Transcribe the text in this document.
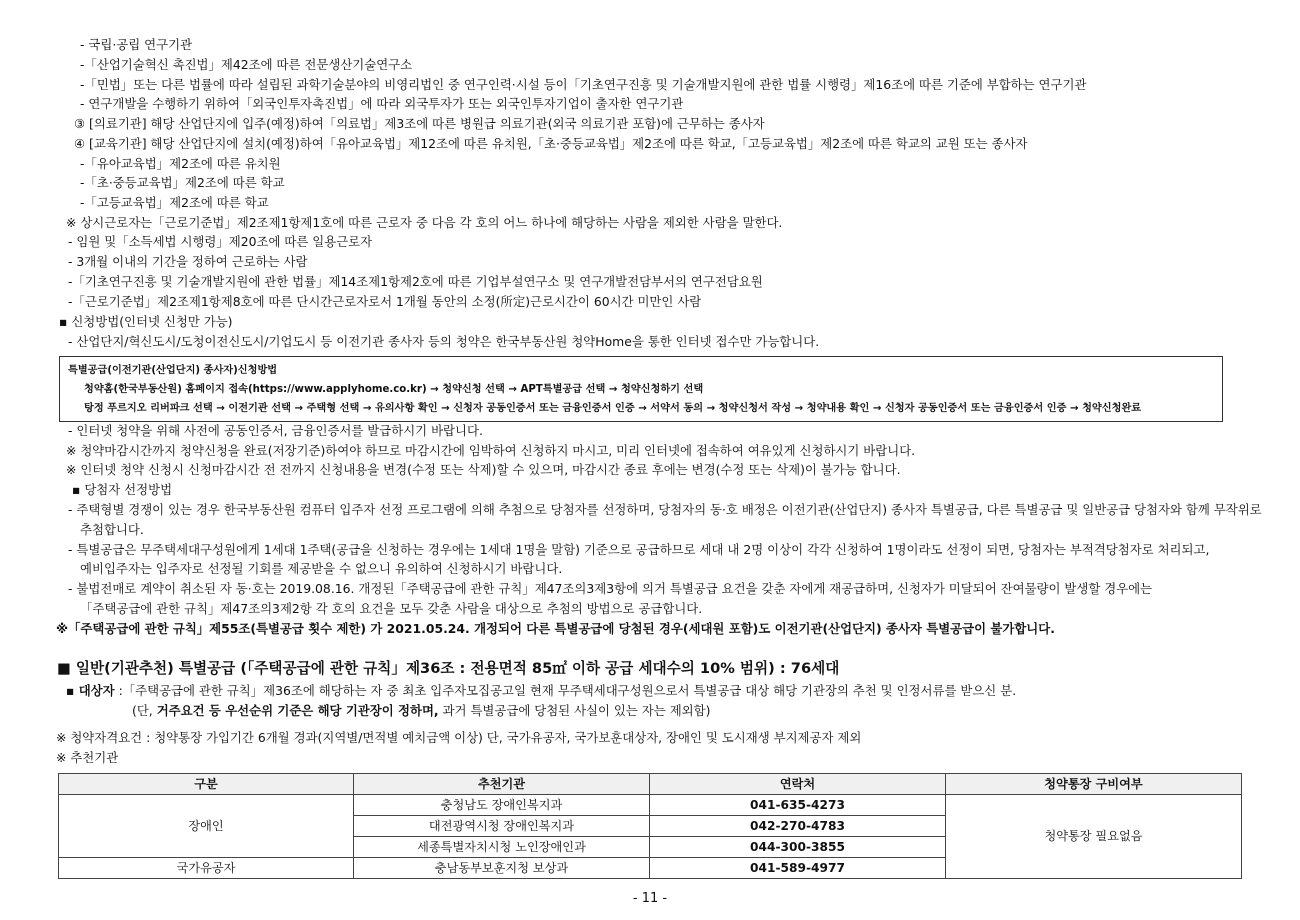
- 국립·공립 연구기관
-「산업기술혁신 촉진법」제42조에 따른 전문생산기술연구소
-「민법」또는 다른 법률에 따라 설립된 과학기술분야의 비영리법인 중 연구인력·시설 등이「기초연구진흥 및 기술개발지원에 관한 법률 시행령」제16조에 따른 기준에 부합하는 연구기관
- 연구개발을 수행하기 위하여「외국인투자촉진법」에 따라 외국투자가 또는 외국인투자기업이 출자한 연구기관
③ [의료기관] 해당 산업단지에 입주(예정)하여「의료법」제3조에 따른 병원급 의료기관(외국 의료기관 포함)에 근무하는 종사자
④ [교육기관] 해당 산업단지에 설치(예정)하여「유아교육법」제12조에 따른 유치원,「초·중등교육법」제2조에 따른 학교,「고등교육법」제2조에 따른 학교의 교원 또는 종사자
-「유아교육법」제2조에 따른 유치원
-「초·중등교육법」제2조에 따른 학교
-「고등교육법」제2조에 따른 학교
※ 상시근로자는「근로기준법」제2조제1항제1호에 따른 근로자 중 다음 각 호의 어느 하나에 해당하는 사람을 제외한 사람을 말한다.
- 임원 및「소득세법 시행령」제20조에 따른 일용근로자
- 3개월 이내의 기간을 정하여 근로하는 사람
-「기초연구진흥 및 기술개발지원에 관한 법률」제14조제1항제2호에 따른 기업부설연구소 및 연구개발전담부서의 연구전담요원
-「근로기준법」제2조제1항제8호에 따른 단시간근로자로서 1개월 동안의 소정(所定)근로시간이 60시간 미만인 사람
▪ 신청방법(인터넷 신청만 가능)
- 산업단지/혁신도시/도청이전신도시/기업도시 등 이전기관 종사자 등의 청약은 한국부동산원 청약Home을 통한 인터넷 접수만 가능합니다.
- 인터넷 청약을 위해 사전에 공동인증서, 금융인증서를 발급하시기 바랍니다.
※ 청약마감시간까지 청약신청을 완료(저장기준)하여야 하므로 마감시간에 임박하여 신청하지 마시고, 미리 인터넷에 접속하여 여유있게 신청하시기 바랍니다.
※ 인터넷 청약 신청시 신청마감시간 전 전까지 신청내용을 변경(수정 또는 삭제)할 수 있으며, 마감시간 종료 후에는 변경(수정 또는 삭제)이 불가능 합니다.
▪ 당첨자 선정방법
- 주택형별 경쟁이 있는 경우 한국부동산원 컴퓨터 입주자 선정 프로그램에 의해 추첨으로 당첨자를 선정하며, 당첨자의 동·호 배정은 이전기관(산업단지) 종사자 특별공급, 다른 특별공급 및 일반공급 당첨자와 함께 무작위로
추첨합니다.
- 특별공급은 무주택세대구성원에게 1세대 1주택(공급을 신청하는 경우에는 1세대 1명을 말함) 기준으로 공급하므로 세대 내 2명 이상이 각각 신청하여 1명이라도 선정이 되면, 당첨자는 부적격당첨자로 처리되고,
예비입주자는 입주자로 선정될 기회를 제공받을 수 없으니 유의하여 신청하시기 바랍니다.
- 불법전매로 계약이 취소된 자 동·호는 2019.08.16. 개정된「주택공급에 관한 규칙」제47조의3제3항에 의거 특별공급 요건을 갖춘 자에게 재공급하며, 신청자가 미달되어 잔여물량이 발생할 경우에는
「주택공급에 관한 규칙」제47조의3제2항 각 호의 요건을 모두 갖춘 사람을 대상으로 추첨의 방법으로 공급합니다.
※「주택공급에 관한 규칙」제55조(특별공급 횟수 제한) 가 2021.05.24. 개정되어 다른 특별공급에 당첨된 경우(세대원 포함)도 이전기관(산업단지) 종사자 특별공급이 불가합니다.
※ 청약자격요건 : 청약통장 가입기간 6개월 경과(지역별/면적별 예치금액 이상) 단, 국가유공자, 국가보훈대상자, 장애인 및 도시재생 부지제공자 제외
※ 추천기관
특별공급(이전기관(산업단지) 종사자)신청방법
청약홈(한국부동산원) 홈페이지 접속(https://www.applyhome.co.kr) → 청약신청 선택 → APT특별공급 선택 → 청약신청하기 선택
탕정 푸르지오 리버파크 선택 → 이전기관 선택 → 주택형 선택 → 유의사항 확인 → 신청자 공동인증서 또는 금융인증서 인증 → 서약서 동의 → 청약신청서 작성 → 청약내용 확인 → 신청자 공동인증서 또는 금융인증서 인증 → 청약신청완료
■ 일반(기관추천) 특별공급 (「주택공급에 관한 규칙」제36조 : 전용면적 85㎡ 이하 공급 세대수의 10% 범위) : 76세대
▪ 대상자 :「주택공급에 관한 규칙」제36조에 해당하는 자 중 최초 입주자모집공고일 현재 무주택세대구성원으로서 특별공급 대상 해당 기관장의 추천 및 인정서류를 받으신 분.
(단, 거주요건 등 우선순위 기준은 해당 기관장이 정하며, 과거 특별공급에 당첨된 사실이 있는 자는 제외함)
구분	추천기관	연락처	청약통장 구비여부
장애인	충청남도 장애인복지과	041-635-4273	청약통장 필요없음
	대전광역시청 장애인복지과	042-270-4783	
	세종특별자치시청 노인장애인과	044-300-3855	
국가유공자	충남동부보훈지청 보상과	041-589-4977	
- 11 -
